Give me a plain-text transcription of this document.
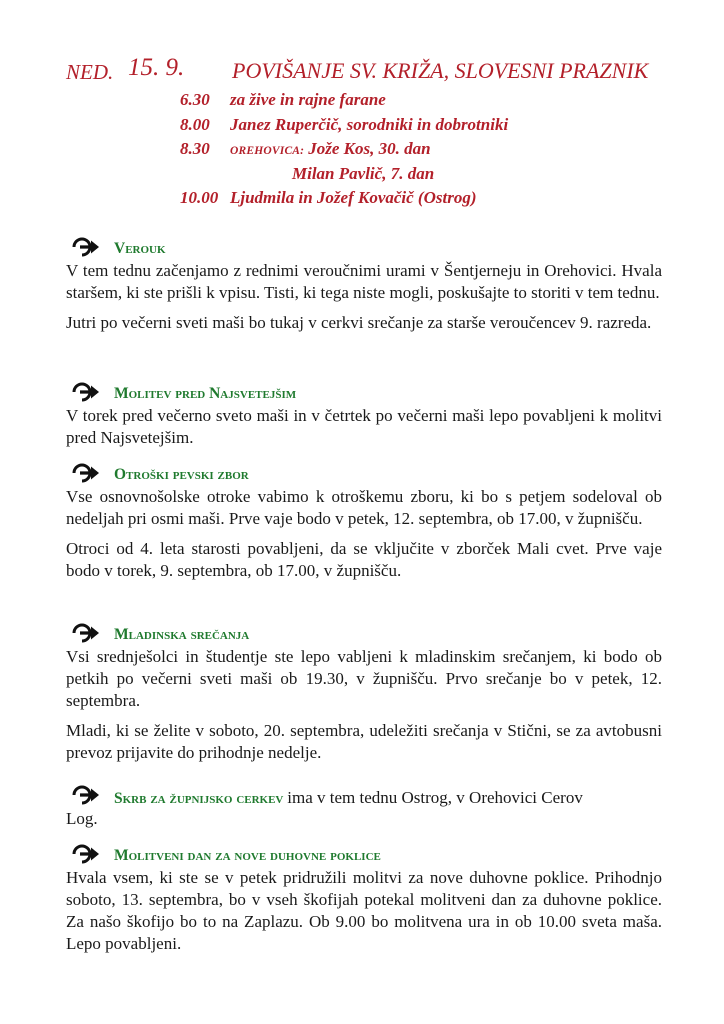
NED. 15. 9. POVIŠANJE SV. KRIŽA, SLOVESNI PRAZNIK
6.30	za žive in rajne farane
8.00	Janez Ruperčič, sorodniki in dobrotniki
8.30	OREHOVICA: Jože Kos, 30. dan
Milan Pavlič, 7. dan
10.00 Ljudmila in Jožef Kovačič (Ostrog)
Verouk

V tem tednu začenjamo z rednimi veroučnimi urami v Šentjerneju in Orehovici. Hvala staršem, ki ste prišli k vpisu. Tisti, ki tega niste mogli, poskušajte to storiti v tem tednu.

Jutri po večerni sveti maši bo tukaj v cerkvi srečanje za starše veroučencev 9. razreda.

Molitev pred Najsvetejšim

V torek pred večerno sveto maši in v četrtek po večerni maši lepo povabljeni k molitvi pred Najsvetejšim.

Otroški pevski zbor

Vse osnovnošolske otroke vabimo k otroškemu zboru, ki bo s petjem sodeloval ob nedeljah pri osmi maši. Prve vaje bodo v petek, 12. septembra, ob 17.00, v župnišču.

Otroci od 4. leta starosti povabljeni, da se vključite v zborček Mali cvet. Prve vaje bodo v torek, 9. septembra, ob 17.00, v župnišču.

Mladinska srečanja

Vsi srednješolci in študentje ste lepo vabljeni k mladinskim srečanjem, ki bodo ob petkih po večerni sveti maši ob 19.30, v župnišču. Prvo srečanje bo v petek, 12. septembra.

Mladi, ki se želite v soboto, 20. septembra, udeležiti srečanja v Stični, se za avtobusni prevoz prijavite do prihodnje nedelje.

Skrb za župnijsko cerkev ima v tem tednu Ostrog, v Orehovici Cerov

Log.

Molitveni dan za nove duhovne poklice

Hvala vsem, ki ste se v petek pridružili molitvi za nove duhovne poklice. Prihodnjo soboto, 13. septembra, bo v vseh škofijah potekal molitveni dan za duhovne poklice. Za našo škofijo bo to na Zaplazu. Ob 9.00 bo molitvena ura in ob 10.00 sveta maša. Lepo povabljeni.
